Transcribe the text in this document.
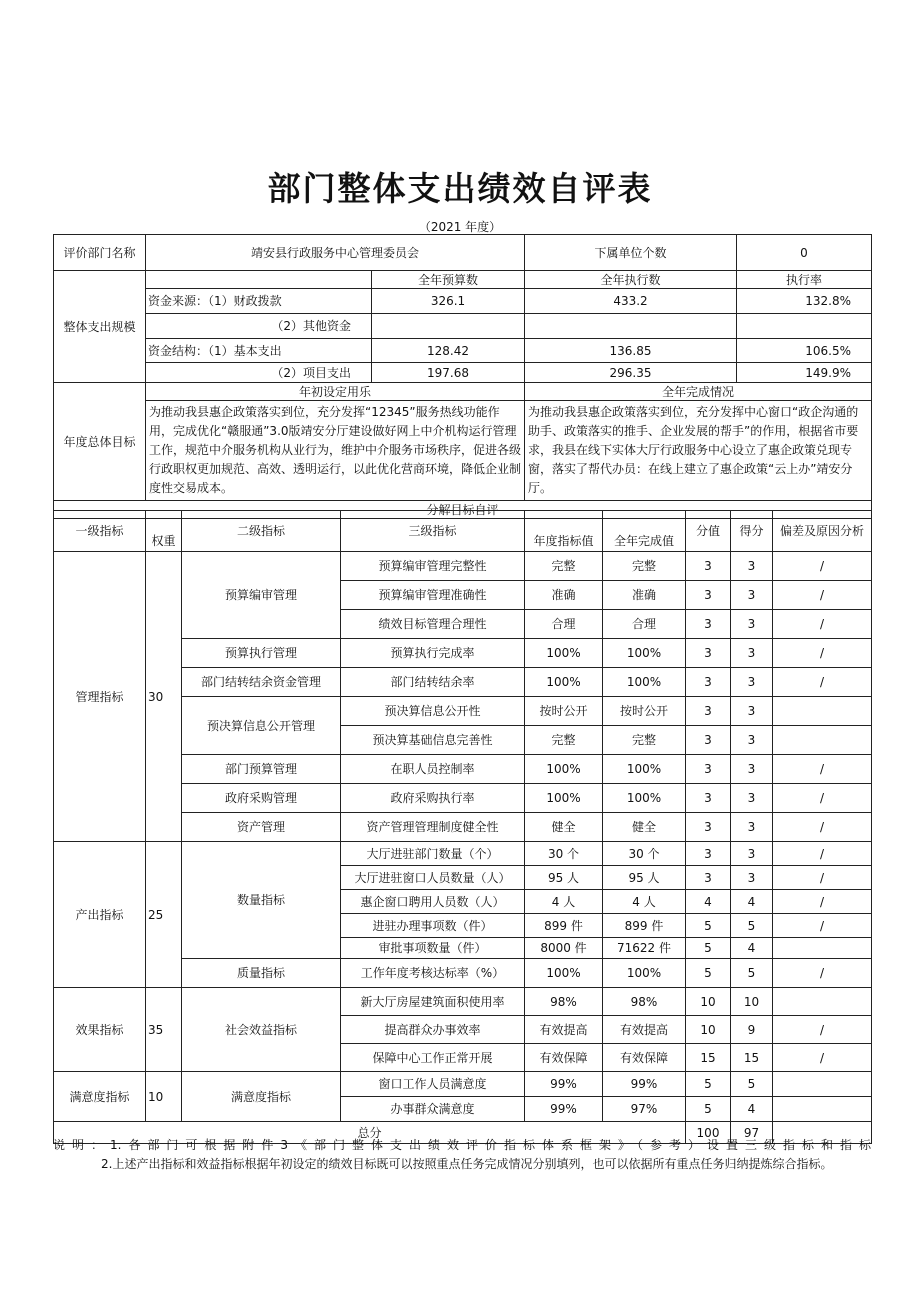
部门整体支出绩效自评表
（2021 年度）
评价部门名称	靖安县行政服务中心管理委员会		下属单位个数	0
整体支出规模		全年预算数	全年执行数	执行率
	资金来源：（1）财政拨款	326.1	433.2	132.8%
	（2）其他资金			
	资金结构：（1）基本支出	128.42	136.85	106.5%
	（2）项目支出	197.68	296.35	149.9%
年度总体目标	年初设定用乐		全年完成情况	
	为推动我县惠企政策落实到位，充分发挥“12345”服务热线功能作用，完成优化“赣服通”3.0版靖安分厅建设做好网上中介机构运行管理工作，规范中介服务机构从业行为，维护中介服务市场秩序，促进各级行政职权更加规范、高效、透明运行，以此优化营商环境，降低企业制度性交易成本。		为推动我县惠企政策落实到位，充分发挥中心窗口“政企沟通的助手、政策落实的推手、企业发展的帮手”的作用，根据省市要求，我县在线下实体大厅行政服务中心设立了惠企政策兑现专窗，落实了帮代办员：在线上建立了惠企政策“云上办”靖安分厅。	
分解目标自评				
一级指标	权重	二级指标	三级指标	年度指标值	全年完成值	分值	得分	偏差及原因分析
管理指标	30	预算编审管理	预算编审管理完整性	完整	完整	3	3	/
			预算编审管理准确性	准确	准确	3	3	/
			绩效目标管理合理性	合理	合理	3	3	/
		预算执行管理	预算执行完成率	100%	100%	3	3	/
		部门结转结余资金管理	部门结转结余率	100%	100%	3	3	/
		预决算信息公开管理	预决算信息公开性	按时公开	按时公开	3	3	
			预决算基础信息完善性	完整	完整	3	3	
		部门预算管理	在职人员控制率	100%	100%	3	3	/
		政府采购管理	政府采购执行率	100%	100%	3	3	/
		资产管理	资产管理管理制度健全性	健全	健全	3	3	/
产出指标	25	数量指标	大厅进驻部门数量（个）	30 个	30 个	3	3	/
			大厅进驻窗口人员数量（人）	95 人	95 人	3	3	/
			惠企窗口聘用人员数（人）	4 人	4 人	4	4	/
			进驻办理事项数（件）	899 件	899 件	5	5	/
			审批事项数量（件）	8000 件	71622 件	5	4	
		质量指标	工作年度考核达标率（%）	100%	100%	5	5	/
效果指标	35	社会效益指标	新大厅房屋建筑面积使用率	98%	98%	10	10	
			提高群众办事效率	有效提高	有效提高	10	9	/
			保障中心工作正常开展	有效保障	有效保障	15	15	/
满意度指标	10	满意度指标	窗口工作人员满意度	99%	99%	5	5	
			办事群众满意度	99%	97%	5	4	
总分						100	97	
说明：1.各部门可根据附件3《部门整体支出绩效评价指标体系框架》（参考）设置三级指标和指标
2.上述产出指标和效益指标根据年初设定的绩效目标既可以按照重点任务完成情况分别填列，也可以依据所有重点任务归纳提炼综合指标。
